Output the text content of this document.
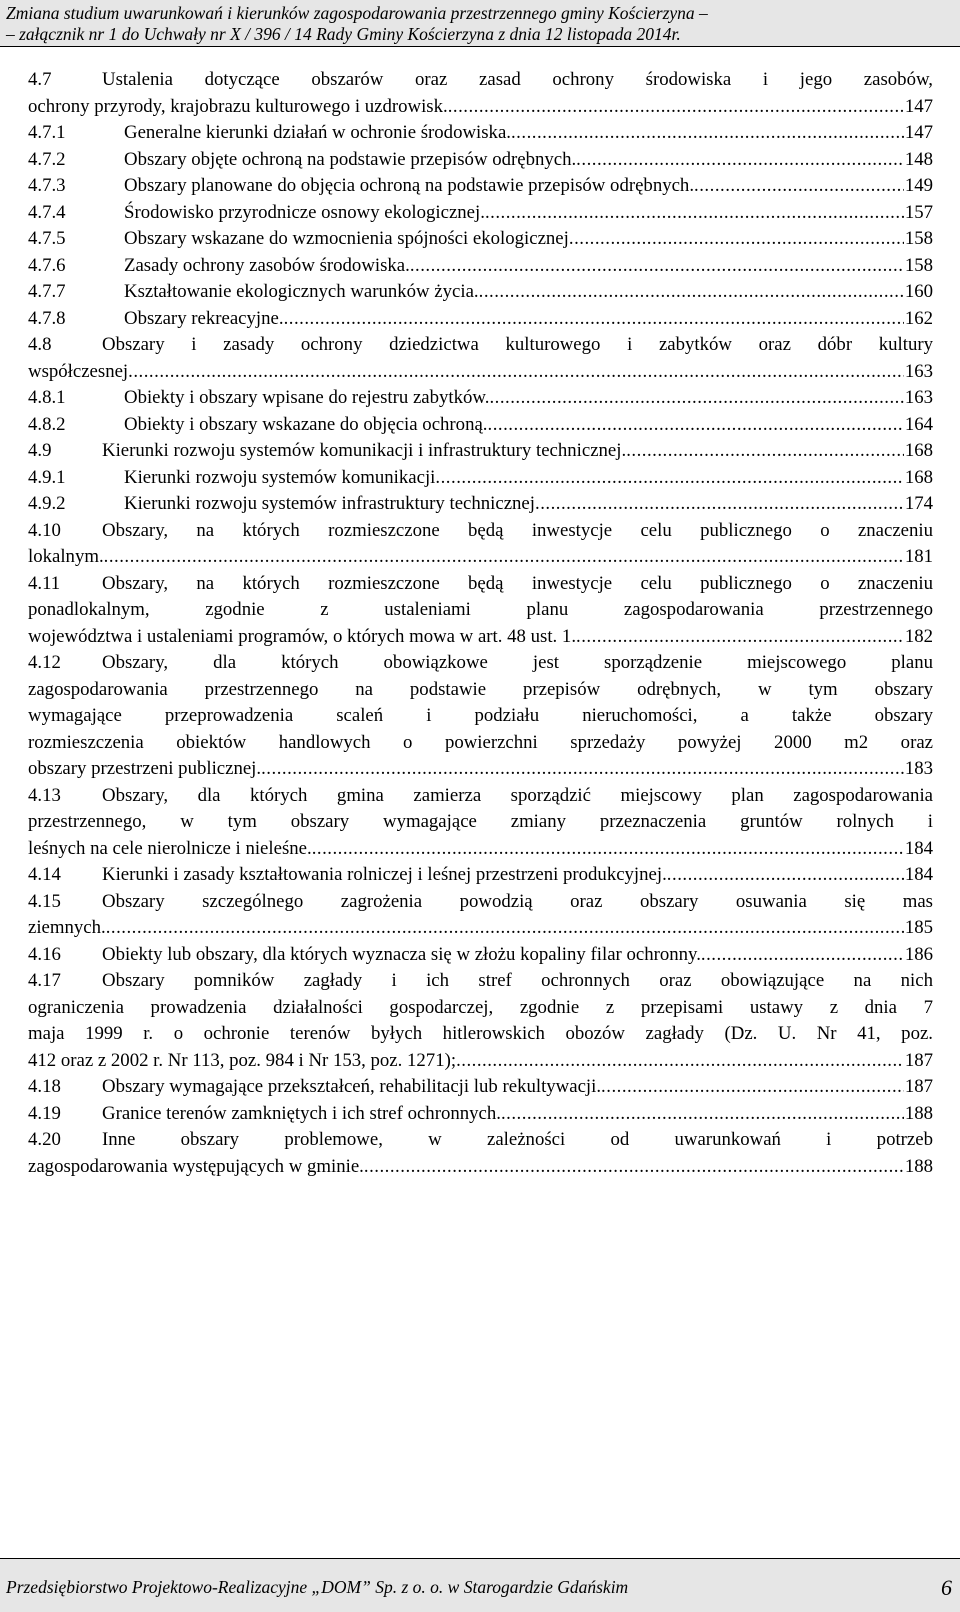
Zmiana studium uwarunkowań i kierunków zagospodarowania przestrzennego gminy Kościerzyna –
– załącznik nr 1 do Uchwały nr X / 396 / 14 Rady Gminy Kościerzyna z dnia 12 listopada 2014r.
4.7	Ustalenia dotyczące obszarów oraz zasad ochrony środowiska i jego zasobów,
ochrony przyrody, krajobrazu kulturowego i uzdrowisk. .....	147
4.7.1	Generalne kierunki działań w ochronie środowiska. .....	147
4.7.2	Obszary objęte ochroną na podstawie przepisów odrębnych. .....	148
4.7.3	Obszary planowane do objęcia ochroną na podstawie przepisów odrębnych. .....	149
4.7.4	Środowisko przyrodnicze osnowy ekologicznej. .....	157
4.7.5	Obszary wskazane do wzmocnienia spójności ekologicznej .....	158
4.7.6	Zasady ochrony zasobów środowiska. .....	158
4.7.7	Kształtowanie ekologicznych warunków życia. .....	160
4.7.8	Obszary rekreacyjne. .....	162
4.8	Obszary i zasady ochrony dziedzictwa kulturowego i zabytków oraz dóbr kultury
współczesnej .....	163
4.8.1	Obiekty i obszary wpisane do rejestru zabytków. .....	163
4.8.2	Obiekty i obszary wskazane do objęcia ochroną. .....	164
4.9	Kierunki rozwoju systemów komunikacji i infrastruktury technicznej. .....	168
4.9.1	Kierunki rozwoju systemów komunikacji .....	168
4.9.2	Kierunki rozwoju systemów infrastruktury technicznej .....	174
4.10 Obszary, na których rozmieszczone będą inwestycje celu publicznego o znaczeniu
lokalnym. .....	181
4.11 Obszary, na których rozmieszczone będą inwestycje celu publicznego o znaczeniu
ponadlokalnym, zgodnie z ustaleniami planu zagospodarowania przestrzennego
województwa i ustaleniami programów, o których mowa w art. 48 ust. 1. .....	182
4.12 Obszary, dla których obowiązkowe jest sporządzenie miejscowego planu
zagospodarowania przestrzennego na podstawie przepisów odrębnych, w tym obszary
wymagające przeprowadzenia scaleń i podziału nieruchomości, a także obszary
rozmieszczenia obiektów handlowych o powierzchni sprzedaży powyżej 2000 m2 oraz
obszary przestrzeni publicznej. .....	183
4.13 Obszary, dla których gmina zamierza sporządzić miejscowy plan zagospodarowania
przestrzennego, w tym obszary wymagające zmiany przeznaczenia gruntów rolnych i
leśnych na cele nierolnicze i nieleśne. .....	184
4.14	Kierunki i zasady kształtowania rolniczej i leśnej przestrzeni produkcyjnej. .....	184
4.15 Obszary szczególnego zagrożenia powodzią oraz obszary osuwania się mas
ziemnych. .....	185
4.16	Obiekty lub obszary, dla których wyznacza się w złożu kopaliny filar ochronny. .....	186
4.17 Obszary pomników zagłady i ich stref ochronnych oraz obowiązujące na nich
ograniczenia prowadzenia działalności gospodarczej, zgodnie z przepisami ustawy z dnia 7
maja 1999 r. o ochronie terenów byłych hitlerowskich obozów zagłady (Dz. U. Nr 41, poz.
412 oraz z 2002 r. Nr 113, poz. 984 i Nr 153, poz. 1271); .....	187
4.18	Obszary wymagające przekształceń, rehabilitacji lub rekultywacji. .....	187
4.19	Granice terenów zamkniętych i ich stref ochronnych. .....	188
4.20 Inne obszary problemowe, w zależności od uwarunkowań i potrzeb
zagospodarowania występujących w gminie. .....	188
Przedsiębiorstwo Projektowo-Realizacyjne „DOM” Sp. z o. o. w Starogardzie Gdańskim	6
